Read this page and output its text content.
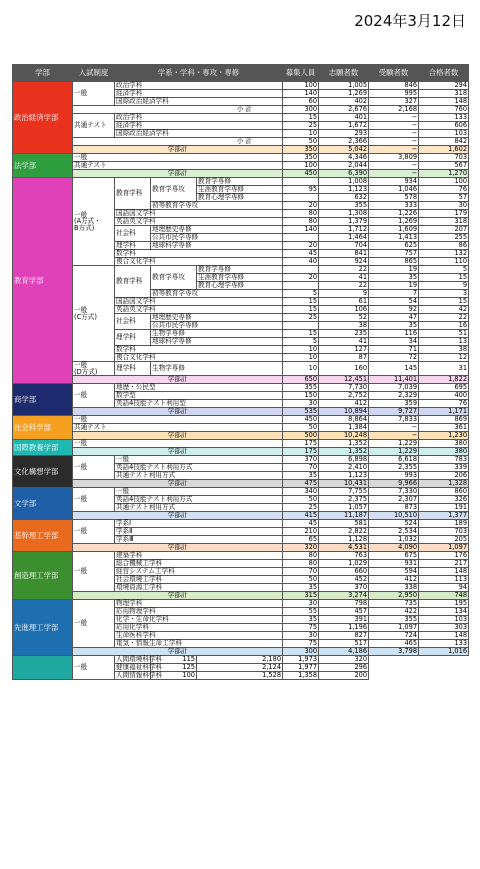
2024年3月12日
学部	入試制度	学系・学科・専攻・専修			募集人員	志願者数	受験者数	合格者数
政治経済学部	一般	政治学科			100	1,005	846	294
		経済学科			140	1,269	995	318
		国際政治経済学科			60	402	327	148
	小 計				300	2,676	2,168	760
	共通テスト	政治学科			15	401	−	133
		経済学科			25	1,672	−	606
		国際政治経済学科			10	293	−	103
	小 計				50	2,366	−	842
	学部計				350	5,042	−	1,602
法学部	一般				350	4,346	3,809	703
	共通テスト				100	2,044	−	567
	学部計				450	6,390	−	1,270
教育学部	一般
(A方式・
B方式)	教育学科	教育学専攻	教育学専修		1,008	934	100
				生涯教育学専修	95	1,123	1,046	76
				教育心理学専修		632	578	57
			初等教育学専攻		20	355	333	30
		国語国文学科			80	1,308	1,226	179
		英語英文学科			80	1,379	1,269	318
		社会科	地理歴史専修		140	1,712	1,609	207
			公共市民学専修			1,464	1,413	255
		理学科	地球科学専修		20	704	625	86
		数学科			45	841	757	132
		複合文化学科			40	924	865	110
	一般
(C方式)	教育学科	教育学専攻	教育学専修		22	19	5
				生涯教育学専修	20	41	35	15
				教育心理学専修		22	19	9
			初等教育学専攻		5	9	7	3
		国語国文学科			15	61	54	15
		英語英文学科			15	106	92	42
		社会科	地理歴史専修		25	52	47	22
			公共市民学専修			38	35	16
		理学科	生物学専修		15	235	116	51
			地球科学専修		5	41	34	13
		数学科			10	127	71	38
		複合文化学科			10	87	72	12
	一般
(D方式)	理学科	生物学専修		10	160	145	31
	学部計				650	12,451	11,401	1,822
商学部	一般	地歴・公民型			355	7,730	7,039	695
		数学型			150	2,752	2,329	400
		英語4技能テスト利用型			30	412	359	76
	学部計				535	10,894	9,727	1,171
社会科学部	一般				450	8,864	7,833	869
	共通テスト				50	1,384	−	361
	学部計				500	10,248	−	1,230
国際教養学部	一般				175	1,352	1,229	380
	学部計				175	1,352	1,229	380
文化構想学部	一般	一般			370	6,898	6,618	783
		英語4技能テスト利用方式			70	2,410	2,355	339
		共通テスト利用方式			35	1,123	993	206
	学部計				475	10,431	9,966	1,328
文学部	一般	一般			340	7,755	7,330	860
		英語4技能テスト利用方式			50	2,375	2,307	326
		共通テスト利用方式			25	1,057	873	191
	学部計				415	11,187	10,510	1,377
基幹理工学部	一般	学系Ⅰ			45	581	524	189
		学系Ⅱ			210	2,822	2,534	703
		学系Ⅲ			65	1,128	1,032	205
	学部計				320	4,531	4,090	1,097
創造理工学部	一般	建築学科			80	763	675	176
		総合機械工学科			80	1,029	931	217
		経営システム工学科			70	660	594	148
		社会環境工学科			50	452	412	113
		環境資源工学科			35	370	338	94
	学部計				315	3,274	2,950	748
先進理工学部	一般	物理学科			30	798	735	195
		応用物理学科			55	457	422	134
		化学・生命化学科			35	391	355	103
		応用化学科			75	1,196	1,097	303
		生命医科学科			30	827	724	148
		電気・情報生命工学科			75	517	465	133
	学部計				300	4,186	3,798	1,016
	一般	人間環境科学科	115	2,180	1,973	320		
		健康福祉科学科	125	2,124	1,977	296		
		人間情報科学科	100	1,528	1,358	200		
